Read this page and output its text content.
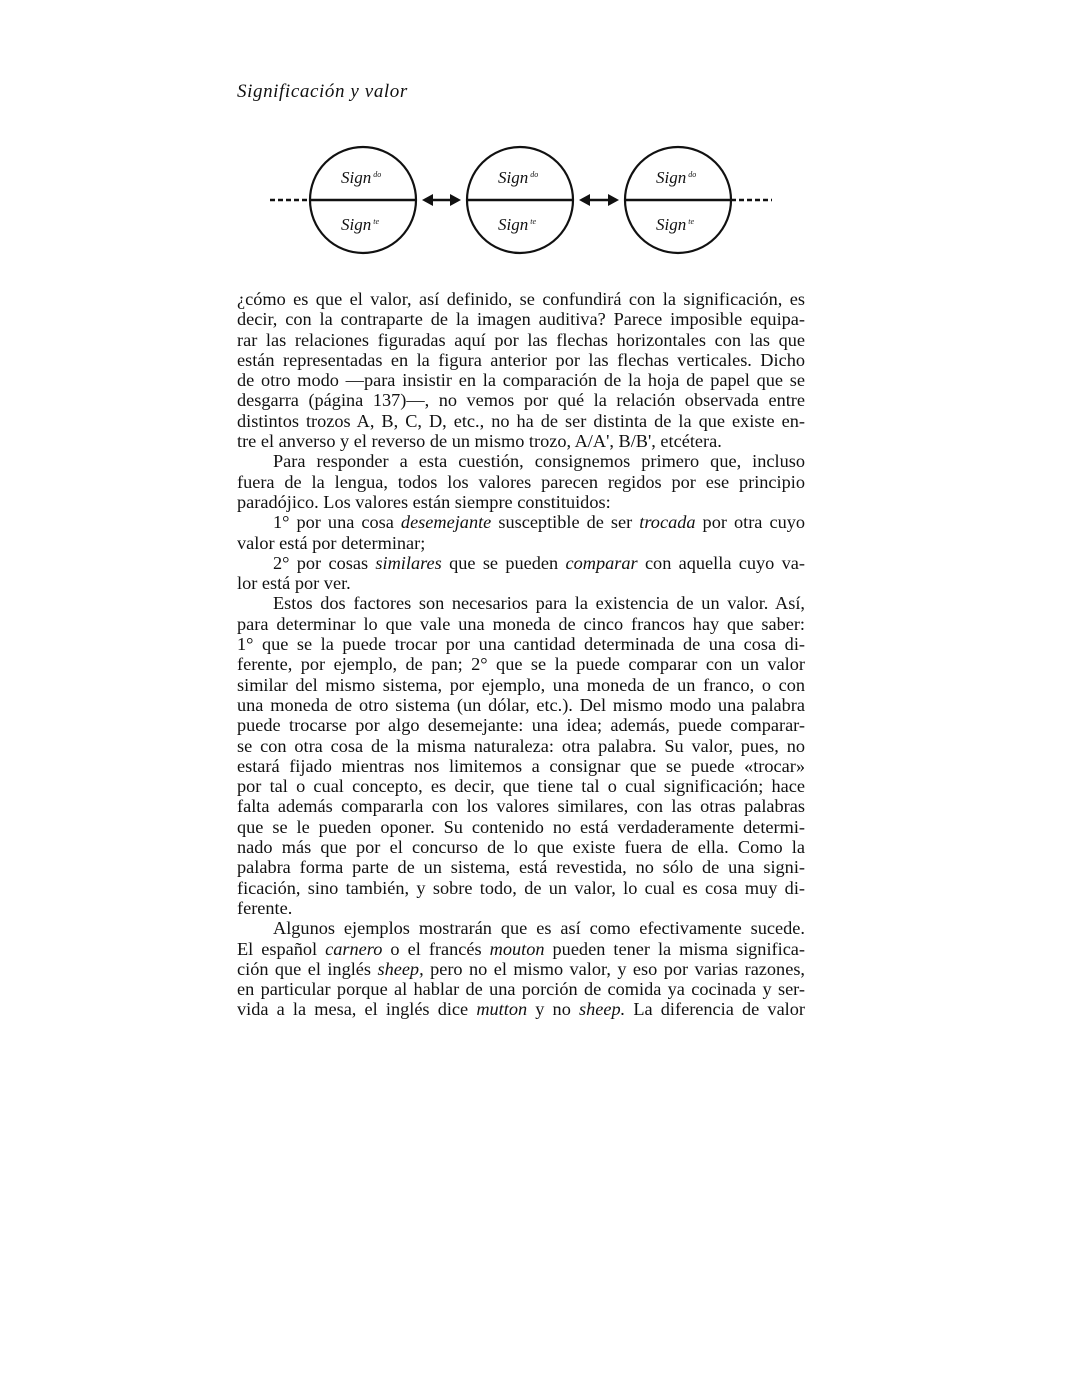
Significación y valor
Sign $^{do}$
Sign $^{te}$
Sign $^{do}$
Sign $^{te}$
Sign $^{do}$
Sign $^{te}$
¿cómo es que el valor, así definido, se confundirá con la significación, es
decir, con la contraparte de la imagen auditiva? Parece imposible equipa-
rar las relaciones figuradas aquí por las flechas horizontales con las que
están representadas en la figura anterior por las flechas verticales. Dicho
de otro modo —para insistir en la comparación de la hoja de papel que se
desgarra (página 137)—, no vemos por qué la relación observada entre
distintos trozos A, B, C, D, etc., no ha de ser distinta de la que existe en-
tre el anverso y el reverso de un mismo trozo, A/A', B/B', etcétera.
Para responder a esta cuestión, consignemos primero que, incluso
fuera de la lengua, todos los valores parecen regidos por ese principio
paradójico. Los valores están siempre constituidos:
1° por una cosa desemejante susceptible de ser trocada por otra cuyo
valor está por determinar;
2° por cosas similares que se pueden comparar con aquella cuyo va-
lor está por ver.
Estos dos factores son necesarios para la existencia de un valor. Así,
para determinar lo que vale una moneda de cinco francos hay que saber:
1° que se la puede trocar por una cantidad determinada de una cosa di-
ferente, por ejemplo, de pan; 2° que se la puede comparar con un valor
similar del mismo sistema, por ejemplo, una moneda de un franco, o con
una moneda de otro sistema (un dólar, etc.). Del mismo modo una palabra
puede trocarse por algo desemejante: una idea; además, puede comparar-
se con otra cosa de la misma naturaleza: otra palabra. Su valor, pues, no
estará fijado mientras nos limitemos a consignar que se puede «trocar»
por tal o cual concepto, es decir, que tiene tal o cual significación; hace
falta además compararla con los valores similares, con las otras palabras
que se le pueden oponer. Su contenido no está verdaderamente determi-
nado más que por el concurso de lo que existe fuera de ella. Como la
palabra forma parte de un sistema, está revestida, no sólo de una signi-
ficación, sino también, y sobre todo, de un valor, lo cual es cosa muy di-
ferente.
Algunos ejemplos mostrarán que es así como efectivamente sucede.
El español carnero o el francés mouton pueden tener la misma significa-
ción que el inglés sheep, pero no el mismo valor, y eso por varias razones,
en particular porque al hablar de una porción de comida ya cocinada y ser-
vida a la mesa, el inglés dice mutton y no sheep. La diferencia de valor
